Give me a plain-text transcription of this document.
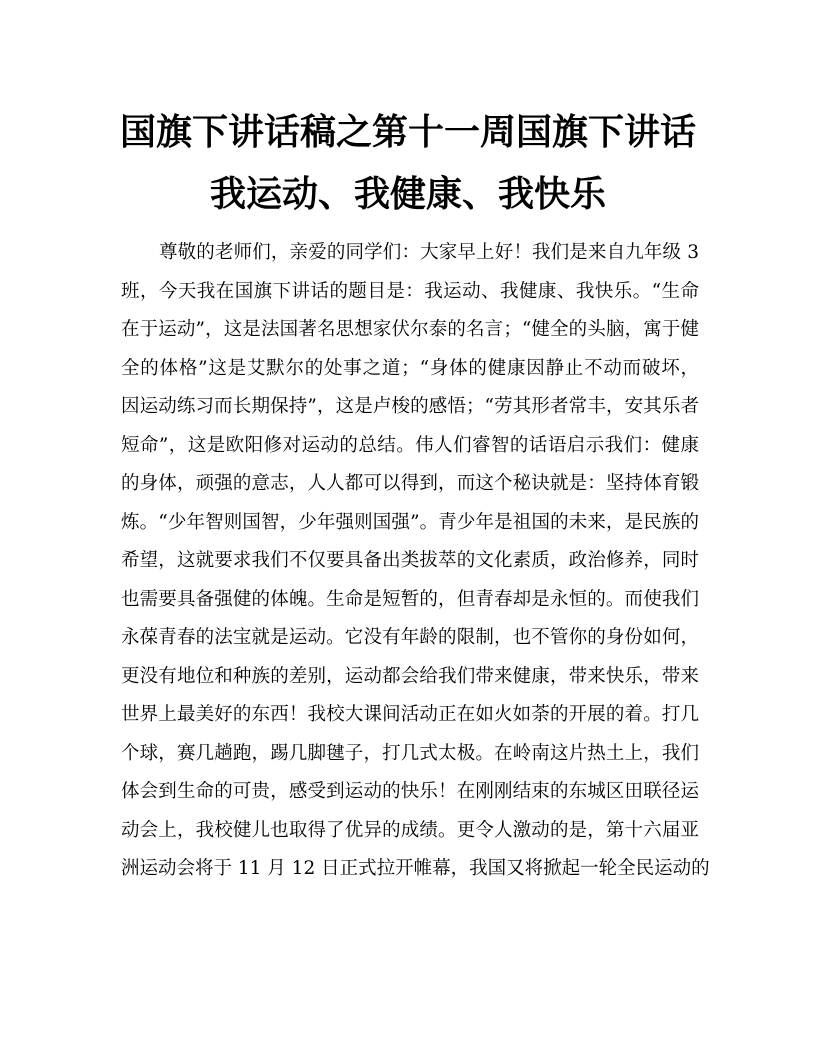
国旗下讲话稿之第十一周国旗下讲话
我运动、我健康、我快乐
尊敬的老师们，亲爱的同学们：大家早上好！我们是来自九年级 3
班，今天我在国旗下讲话的题目是：我运动、我健康、我快乐。“生命
在于运动”，这是法国著名思想家伏尔泰的名言；“健全的头脑，寓于健
全的体格”这是艾默尔的处事之道；“身体的健康因静止不动而破坏，
因运动练习而长期保持”，这是卢梭的感悟；“劳其形者常丰，安其乐者
短命”，这是欧阳修对运动的总结。伟人们睿智的话语启示我们：健康
的身体，顽强的意志，人人都可以得到，而这个秘诀就是：坚持体育锻
炼。“少年智则国智，少年强则国强”。青少年是祖国的未来，是民族的
希望，这就要求我们不仅要具备出类拔萃的文化素质，政治修养，同时
也需要具备强健的体魄。生命是短暂的，但青春却是永恒的。而使我们
永葆青春的法宝就是运动。它没有年龄的限制，也不管你的身份如何，
更没有地位和种族的差别，运动都会给我们带来健康，带来快乐，带来
世界上最美好的东西！我校大课间活动正在如火如荼的开展的着。打几
个球，赛几趟跑，踢几脚毽子，打几式太极。在岭南这片热土上，我们
体会到生命的可贵，感受到运动的快乐！在刚刚结束的东城区田联径运
动会上，我校健儿也取得了优异的成绩。更令人激动的是，第十六届亚
洲运动会将于 11 月 12 日正式拉开帷幕，我国又将掀起一轮全民运动的
